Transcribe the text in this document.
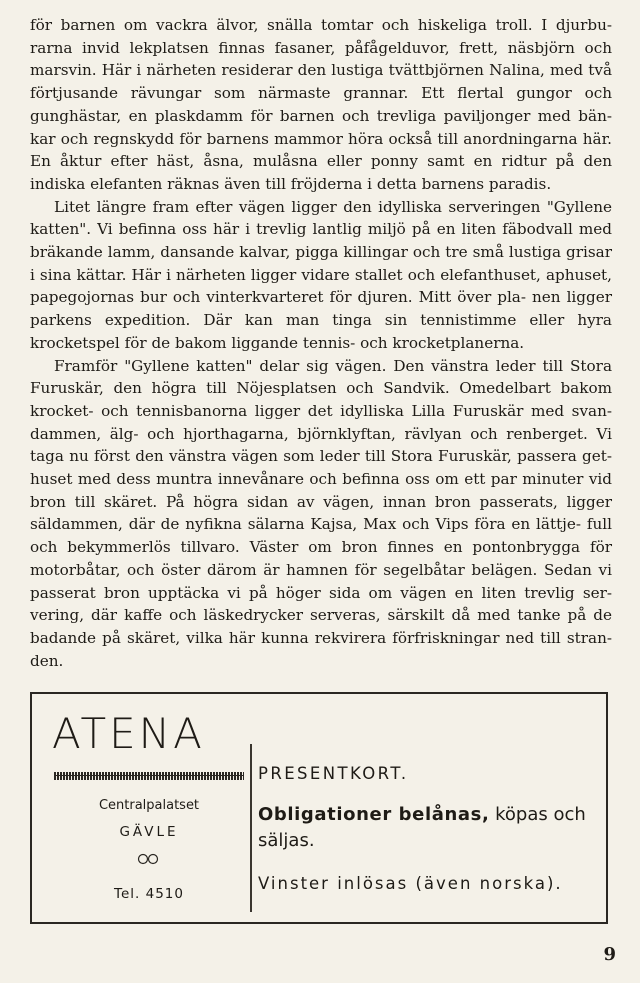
för barnen om vackra älvor, snälla tomtar och hiskeliga troll. I djurbu- rarna invid lekplatsen finnas fasaner, påfågelduvor, frett, näsbjörn och marsvin. Här i närheten residerar den lustiga tvättbjörnen Nalina, med två förtjusande rävungar som närmaste grannar. Ett flertal gungor och gunghästar, en plaskdamm för barnen och trevliga paviljonger med bän- kar och regnskydd för barnens mammor höra också till anordningarna här. En åktur efter häst, åsna, mulåsna eller ponny samt en ridtur på den indiska elefanten räknas även till fröjderna i detta barnens paradis.

Litet längre fram efter vägen ligger den idylliska serveringen "Gyllene katten". Vi befinna oss här i trevlig lantlig miljö på en liten fäbodvall med bräkande lamm, dansande kalvar, pigga killingar och tre små lustiga grisar i sina kättar. Här i närheten ligger vidare stallet och elefanthuset, aphuset, papegojornas bur och vinterkvarteret för djuren. Mitt över pla- nen ligger parkens expedition. Där kan man tinga sin tennistimme eller hyra krocketspel för de bakom liggande tennis- och krocketplanerna.

Framför "Gyllene katten" delar sig vägen. Den vänstra leder till Stora Furuskär, den högra till Nöjesplatsen och Sandvik. Omedelbart bakom krocket- och tennisbanorna ligger det idylliska Lilla Furuskär med svan- dammen, älg- och hjorthagarna, björnklyftan, rävlyan och renberget. Vi taga nu först den vänstra vägen som leder till Stora Furuskär, passera get- huset med dess muntra innevånare och befinna oss om ett par minuter vid bron till skäret. På högra sidan av vägen, innan bron passerats, ligger säldammen, där de nyfikna sälarna Kajsa, Max och Vips föra en lättje- full och bekymmerlös tillvaro. Väster om bron finnes en pontonbrygga för motorbåtar, och öster därom är hamnen för segelbåtar belägen. Sedan vi passerat bron upptäcka vi på höger sida om vägen en liten trevlig ser- vering, där kaffe och läskedrycker serveras, särskilt då med tanke på de badande på skäret, vilka här kunna rekvirera förfriskningar ned till stran- den.

ATENA
Centralpalatset
GÄVLE
Tel. 4510
PRESENTKORT.
Obligationer belånas, köpas och säljas.
Vinster inlösas (även norska).
9
